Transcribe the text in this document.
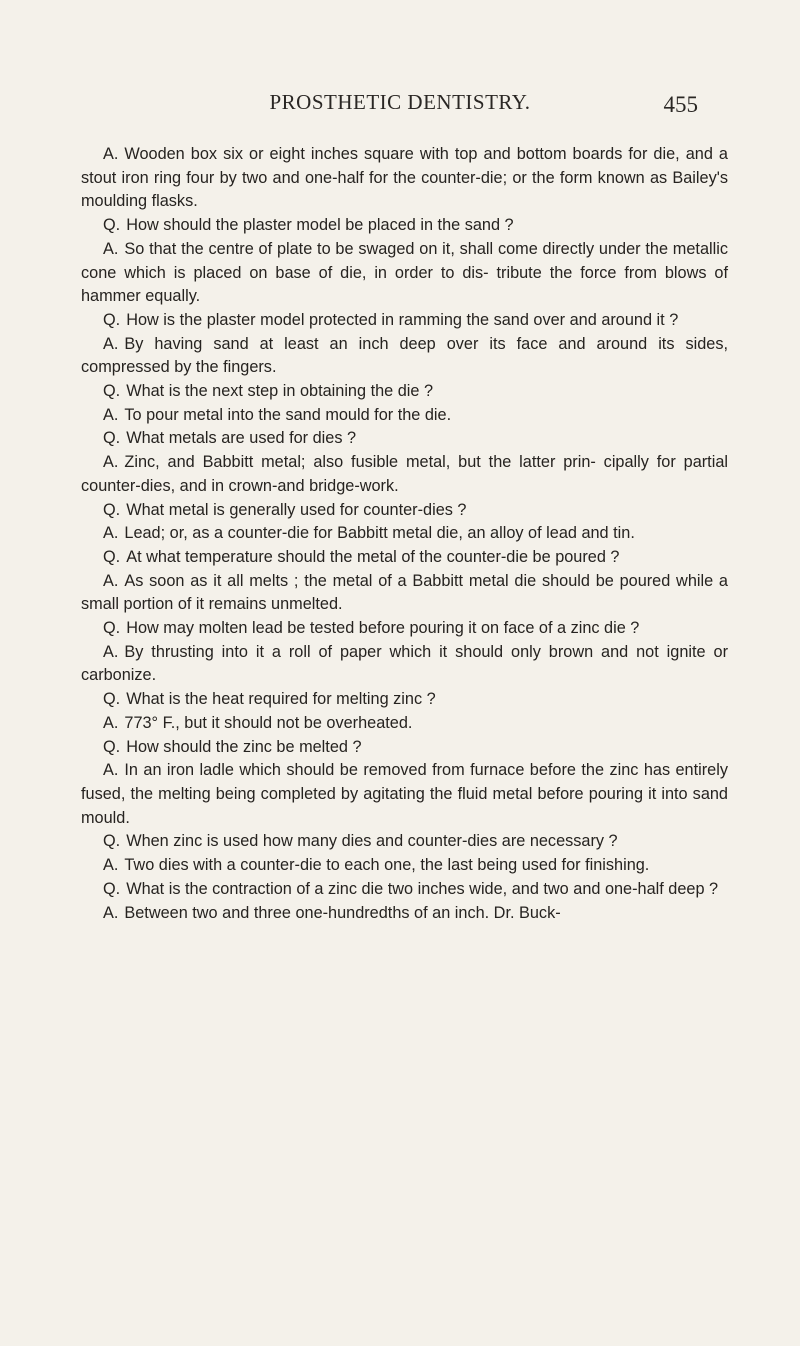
PROSTHETIC DENTISTRY.	455

A. Wooden box six or eight inches square with top and bottom boards for die, and a stout iron ring four by two and one-half for the counter-die; or the form known as Bailey's moulding flasks.

Q. How should the plaster model be placed in the sand ?

A. So that the centre of plate to be swaged on it, shall come directly under the metallic cone which is placed on base of die, in order to dis- tribute the force from blows of hammer equally.

Q. How is the plaster model protected in ramming the sand over and around it ?

A. By having sand at least an inch deep over its face and around its sides, compressed by the fingers.

Q. What is the next step in obtaining the die ?

A. To pour metal into the sand mould for the die.

Q. What metals are used for dies ?

A. Zinc, and Babbitt metal; also fusible metal, but the latter prin- cipally for partial counter-dies, and in crown-and bridge-work.

Q. What metal is generally used for counter-dies ?

A. Lead; or, as a counter-die for Babbitt metal die, an alloy of lead and tin.

Q. At what temperature should the metal of the counter-die be poured ?

A. As soon as it all melts ; the metal of a Babbitt metal die should be poured while a small portion of it remains unmelted.

Q. How may molten lead be tested before pouring it on face of a zinc die ?

A. By thrusting into it a roll of paper which it should only brown and not ignite or carbonize.

Q. What is the heat required for melting zinc ?

A. 773° F., but it should not be overheated.

Q. How should the zinc be melted ?

A. In an iron ladle which should be removed from furnace before the zinc has entirely fused, the melting being completed by agitating the fluid metal before pouring it into sand mould.

Q. When zinc is used how many dies and counter-dies are necessary ?

A. Two dies with a counter-die to each one, the last being used for finishing.

Q. What is the contraction of a zinc die two inches wide, and two and one-half deep ?

A. Between two and three one-hundredths of an inch. Dr. Buck-
